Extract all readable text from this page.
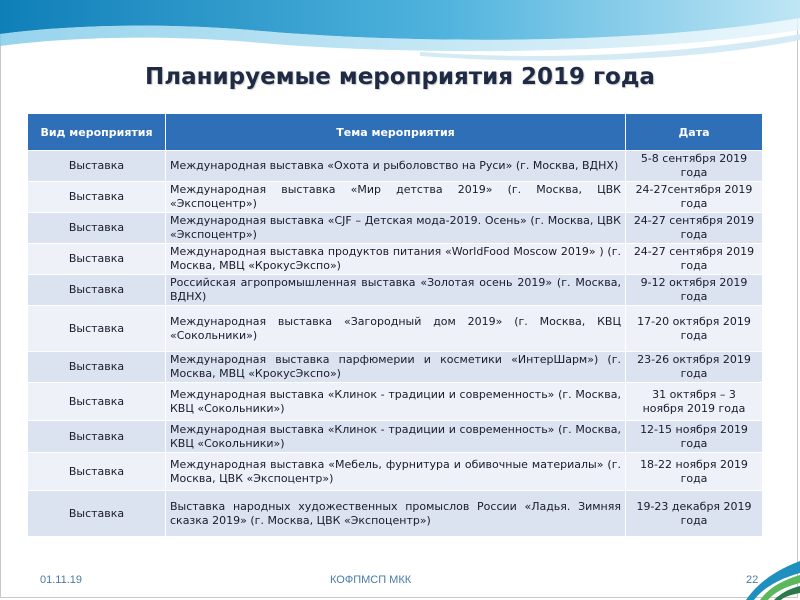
Планируемые мероприятия 2019 года
Вид мероприятия	Тема мероприятия	Дата
Выставка	Международная выставка «Охота и рыболовство на Руси» (г. Москва, ВДНХ)	5-8 сентября 2019 года
Выставка	Международная выставка «Мир детства 2019» (г. Москва, ЦВК «Экспоцентр»)	24-27сентября 2019 года
Выставка	Международная выставка «CJF – Детская мода-2019. Осень» (г. Москва, ЦВК «Экспоцентр»)	24-27 сентября 2019 года
Выставка	Международная выставка продуктов питания «WorldFood Moscow 2019» ) (г. Москва, МВЦ «КрокусЭкспо»)	24-27 сентября 2019 года
Выставка	Российская агропромышленная выставка «Золотая осень 2019» (г. Москва, ВДНХ)	9-12 октября 2019 года
Выставка	Международная выставка «Загородный дом 2019» (г. Москва, КВЦ «Сокольники»)	17-20 октября 2019 года
Выставка	Международная выставка парфюмерии и косметики «ИнтерШарм») (г. Москва, МВЦ «КрокусЭкспо»)	23-26 октября 2019 года
Выставка	Международная выставка «Клинок - традиции и современность» (г. Москва, КВЦ «Сокольники»)	31 октября – 3 ноября 2019 года
Выставка	Международная выставка «Клинок - традиции и современность» (г. Москва, КВЦ «Сокольники»)	12-15 ноября 2019 года
Выставка	Международная выставка «Мебель, фурнитура и обивочные материалы» (г. Москва, ЦВК «Экспоцентр»)	18-22 ноября 2019 года
Выставка	Выставка народных художественных промыслов России «Ладья. Зимняя сказка 2019» (г. Москва, ЦВК «Экспоцентр»)	19-23 декабря 2019 года
01.11.19	КОФПМСП МКК	22
